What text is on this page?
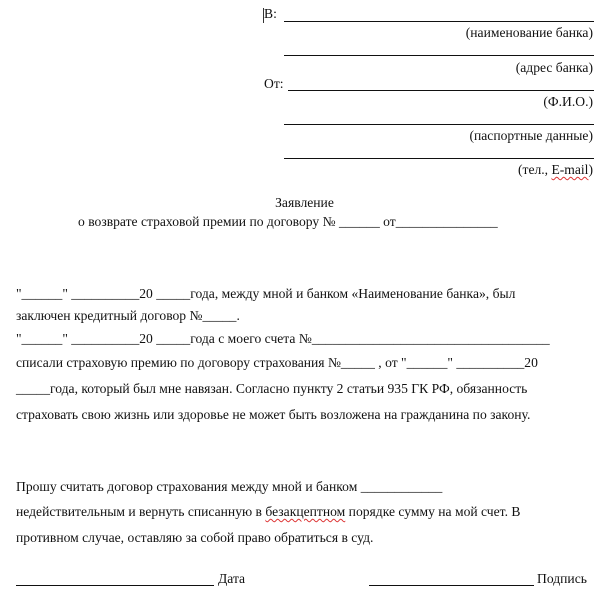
В:
(наименование банка)
(адрес банка)
От:
(Ф.И.О.)
(паспортные данные)
(тел., E-mail)
Заявление
о возврате страховой премии по договору № ______ от_______________
"______" __________20 _____года, между мной и банком «Наименование банка», был
заключен кредитный договор №_____.
"______" __________20 _____года с моего счета №___________________________________
списали страховую премию по договору страхования №_____ , от "______" __________20
_____года, который был мне навязан. Согласно пункту 2 статьи 935 ГК РФ, обязанность
страховать свою жизнь или здоровье не может быть возложена на гражданина по закону.
Прошу считать договор страхования между мной и банком ____________
недействительным и вернуть списанную в безакцептном порядке сумму на мой счет. В
противном случае, оставляю за собой право обратиться в суд.
Дата	Подпись
